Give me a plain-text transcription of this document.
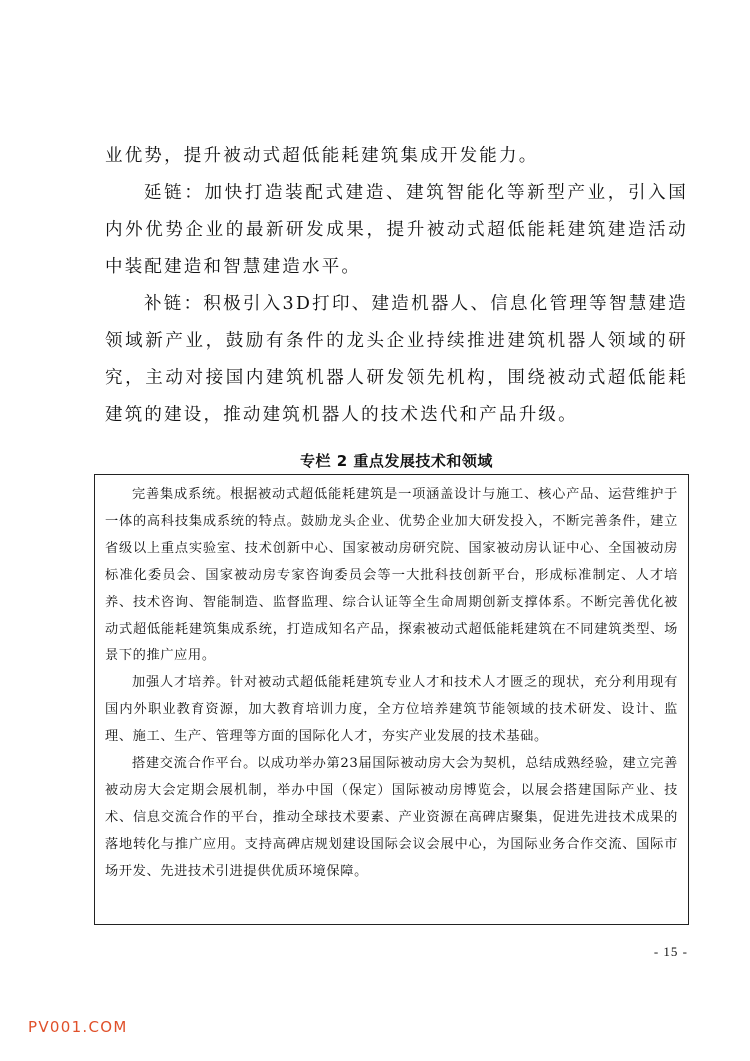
业优势，提升被动式超低能耗建筑集成开发能力。

延链：加快打造装配式建造、建筑智能化等新型产业，引入国内外优势企业的最新研发成果，提升被动式超低能耗建筑建造活动中装配建造和智慧建造水平。

补链：积极引入3D打印、建造机器人、信息化管理等智慧建造领域新产业，鼓励有条件的龙头企业持续推进建筑机器人领域的研究，主动对接国内建筑机器人研发领先机构，围绕被动式超低能耗建筑的建设，推动建筑机器人的技术迭代和产品升级。

专栏 2 重点发展技术和领域

完善集成系统。根据被动式超低能耗建筑是一项涵盖设计与施工、核心产品、运营维护于一体的高科技集成系统的特点。鼓励龙头企业、优势企业加大研发投入，不断完善条件，建立省级以上重点实验室、技术创新中心、国家被动房研究院、国家被动房认证中心、全国被动房标准化委员会、国家被动房专家咨询委员会等一大批科技创新平台，形成标准制定、人才培养、技术咨询、智能制造、监督监理、综合认证等全生命周期创新支撑体系。不断完善优化被动式超低能耗建筑集成系统，打造成知名产品，探索被动式超低能耗建筑在不同建筑类型、场景下的推广应用。

加强人才培养。针对被动式超低能耗建筑专业人才和技术人才匮乏的现状，充分利用现有国内外职业教育资源，加大教育培训力度，全方位培养建筑节能领域的技术研发、设计、监理、施工、生产、管理等方面的国际化人才，夯实产业发展的技术基础。

搭建交流合作平台。以成功举办第23届国际被动房大会为契机，总结成熟经验，建立完善被动房大会定期会展机制，举办中国（保定）国际被动房博览会，以展会搭建国际产业、技术、信息交流合作的平台，推动全球技术要素、产业资源在高碑店聚集，促进先进技术成果的落地转化与推广应用。支持高碑店规划建设国际会议会展中心，为国际业务合作交流、国际市场开发、先进技术引进提供优质环境保障。

- 15 -
PV001.COM
